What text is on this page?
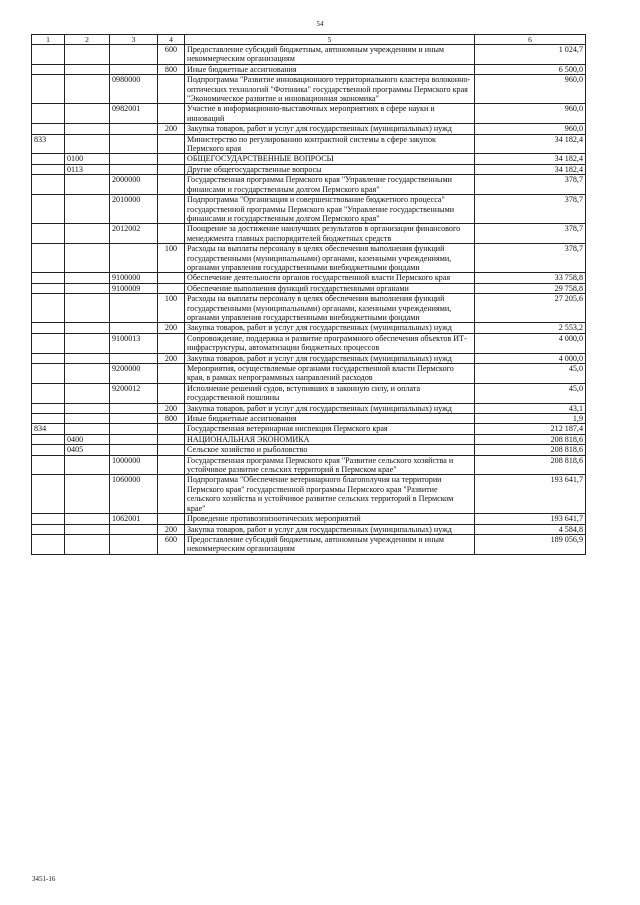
54
1	2	3	4	5	6
			600	Предоставление субсидий бюджетным, автономным учреждениям и иным некоммерческим организациям	1 024,7
			800	Иные бюджетные ассигнования	6 500,0
		0980000		Подпрограмма "Развитие инновационного территориального кластера волоконно-оптических технологий "Фотоника" государственной программы Пермского края "Экономическое развитие и инновационная экономика"	960,0
		0982001		Участие в информационно-выставочных мероприятиях в сфере науки и инноваций	960,0
			200	Закупка товаров, работ и услуг для государственных (муниципальных) нужд	960,0
833				Министерство по регулированию контрактной системы в сфере закупок Пермского края	34 182,4
	0100			ОБЩЕГОСУДАРСТВЕННЫЕ ВОПРОСЫ	34 182,4
	0113			Другие общегосударственные вопросы	34 182,4
		2000000		Государственная программа Пермского края "Управление государственными финансами и государственным долгом Пермского края"	378,7
		2010000		Подпрограмма "Организация и совершенствование бюджетного процесса" государственной программы Пермского края "Управление государственными финансами и государственным долгом Пермского края"	378,7
		2012002		Поощрение за достижение наилучших результатов в организации финансового менеджмента главных распорядителей бюджетных средств	378,7
			100	Расходы на выплаты персоналу в целях обеспечения выполнения функций государственными (муниципальными) органами, казенными учреждениями, органами управления государственными внебюджетными фондами	378,7
		9100000		Обеспечение деятельности органов государственной власти Пермского края	33 758,8
		9100009		Обеспечение выполнения функций государственными органами	29 758,8
			100	Расходы на выплаты персоналу в целях обеспечения выполнения функций государственными (муниципальными) органами, казенными учреждениями, органами управления государственными внебюджетными фондами	27 205,6
			200	Закупка товаров, работ и услуг для государственных (муниципальных) нужд	2 553,2
		9100013		Сопровождение, поддержка и развитие программного обеспечения объектов ИТ-инфраструктуры, автоматизации бюджетных процессов	4 000,0
			200	Закупка товаров, работ и услуг для государственных (муниципальных) нужд	4 000,0
		9200000		Мероприятия, осуществляемые органами государственной власти Пермского края, в рамках непрограммных направлений расходов	45,0
		9200012		Исполнение решений судов, вступивших в законную силу, и оплата государственной пошлины	45,0
			200	Закупка товаров, работ и услуг для государственных (муниципальных) нужд	43,1
			800	Иные бюджетные ассигнования	1,9
834				Государственная ветеринарная инспекция Пермского края	212 187,4
	0400			НАЦИОНАЛЬНАЯ ЭКОНОМИКА	208 818,6
	0405			Сельское хозяйство и рыболовство	208 818,6
		1000000		Государственная программа Пермского края "Развитие сельского хозяйства и устойчивое развитие сельских территорий в Пермском крае"	208 818,6
		1060000		Подпрограмма "Обеспечение ветеринарного благополучия на территории Пермского края" государственной программы Пермского края "Развитие сельского хозяйства и устойчивое развитие сельских территорий в Пермском крае"	193 641,7
		1062001		Проведение противоэпизоотических мероприятий	193 641,7
			200	Закупка товаров, работ и услуг для государственных (муниципальных) нужд	4 584,8
			600	Предоставление субсидий бюджетным, автономным учреждениям и иным некоммерческим организациям	189 056,9
3451-16
